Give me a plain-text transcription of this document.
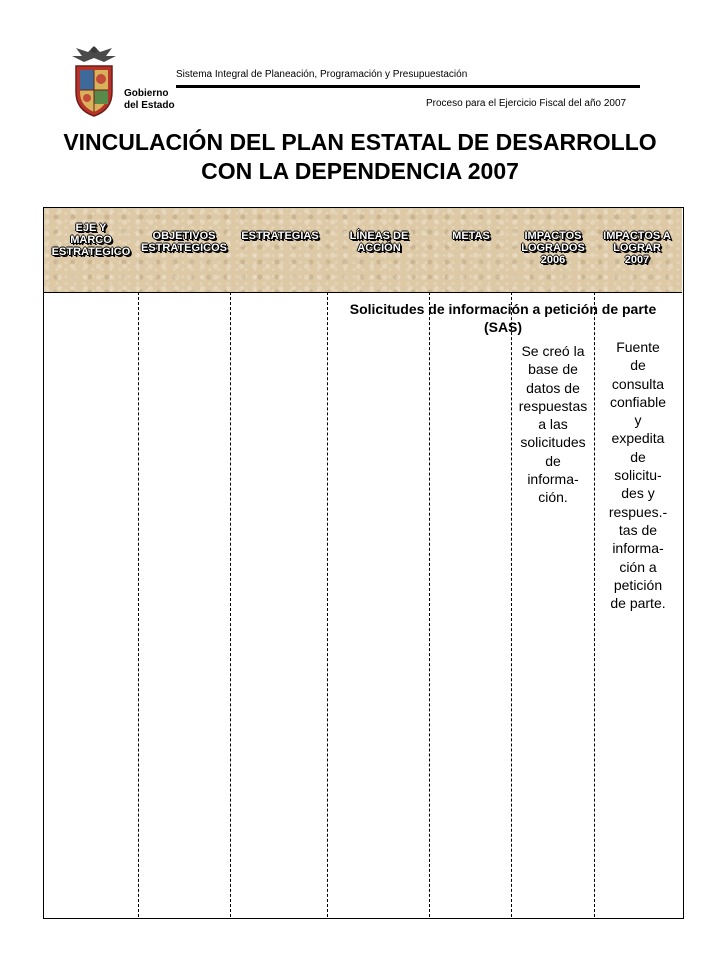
Gobierno
del Estado
Sistema Integral de Planeación, Programación y Presupuestación
Proceso para el Ejercicio Fiscal del año 2007
VINCULACIÓN DEL PLAN ESTATAL DE DESARROLLO
CON LA DEPENDENCIA 2007
EJE Y
MARCO
ESTRATEGICO
OBJETIVOS
ESTRATEGICOS
ESTRATEGIAS	LÍNEAS DE
ACCIÓN
METAS	IMPACTOS
LOGRADOS
2006
IMPACTOS A
LOGRAR
2007
Solicitudes de información a petición de parte
(SAS)
Se creó la
base de
datos de
respuestas
a las
solicitudes
de
informa-
ción.
Fuente
de
consulta
confiable
y
expedita
de
solicitu-
des y
respues.-
tas de
informa-
ción a
petición
de parte.
